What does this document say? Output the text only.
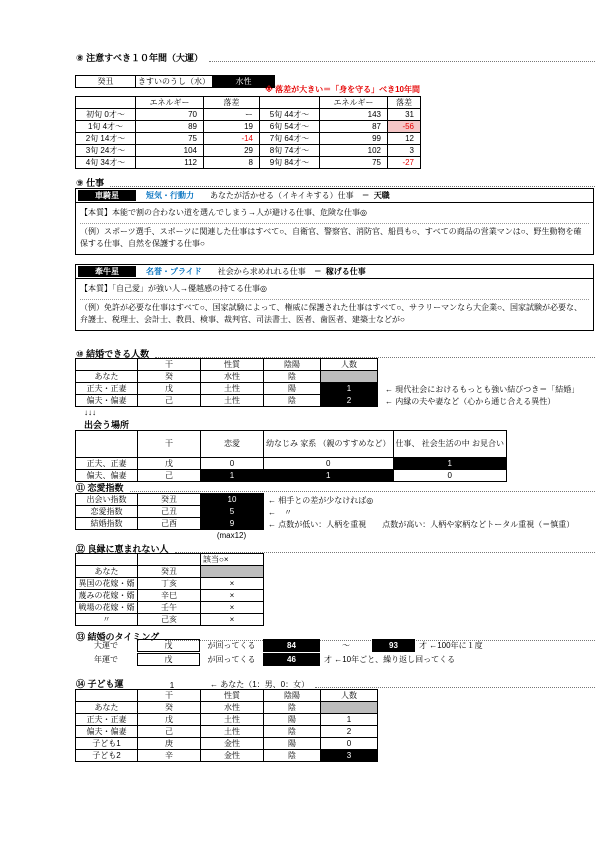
⑧ 注意すべき１０年間（大運）
癸丑	きすいのうし（水）	水性
※ 落差が大きい＝「身を守る」べき10年間
	エネルギー	落差		エネルギー	落差
初旬 0才～	70	ー	5旬 44才～	143	31
1旬 4才～	89	19	6旬 54才～	87	-56
2旬 14才～	75	-14	7旬 64才～	99	12
3旬 24才～	104	29	8旬 74才～	102	3
4旬 34才～	112	8	9旬 84才～	75	-27
⑨ 仕事
車騎星	短気・行動力 あなたが活かせる（イキイキする）仕事　＝ 天職
【本質】本能で割の合わない道を選んでしまう→人が避ける仕事、危険な仕事◎
（例）スポーツ選手、スポーツに関連した仕事はすべて○、自衛官、警察官、消防官、船員も○、すべての商品の営業マンは○、野生動物を確保する仕事、自然を保護する仕事○
牽牛星	名誉・プライド 社会から求めれれる仕事　＝ 稼げる仕事
【本質】「自己愛」が強い人→優越感の持てる仕事◎
（例）免許が必要な仕事はすべて○、国家試験によって、権威に保護された仕事はすべて○、サラリーマンなら大企業○、国家試験が必要な、弁護士、税理士、会計士、教員、検事、裁判官、司法書士、医者、歯医者、建築士などが○
⑩ 結婚できる人数
	干	性質	陰陽	人数
あなた	癸	水性	陰	
正夫・正妻	戊	土性	陽	1
偏夫・偏妻	己	土性	陰	2
← 現代社会におけるもっとも強い結びつき＝「結婚」
← 内縁の夫や妻など（心から通じ合える異性）
↓↓↓
出会う場所
	干	恋愛	幼なじみ 家系 （親のすすめなど）	仕事、 社会生活の中 お見合い
正夫、正妻	戊	0	0	1
偏夫、偏妻	己	1	1	0
⑪ 恋愛指数
出会い指数	癸丑	10
恋愛指数	己丑	5
結婚指数	己酉	9
← 相手との差が少なければ◎
←　〃
← 点数が低い：人柄を重視　　点数が高い：人柄や家柄などトータル重視（＝慎重）
(max12)
⑫ 良縁に恵まれない人
		該当○×
あなた	癸丑	
異国の花嫁・婿	丁亥	×
蔑みの花嫁・婿	辛巳	×
戦場の花嫁・婿	壬午	×
〃	己亥	×
⑬ 結婚のタイミング
大運で	戊	が回ってくる	84	～	93	才 ←100年に１度
年運で	戊	が回ってくる	46	才 ←10年ごと、繰り返し回ってくる
⑭ 子ども運	1	← あなた（1：男、0：女）
	干	性質	陰陽	人数
あなた	癸	水性	陰	
正夫・正妻	戊	土性	陽	1
偏夫・偏妻	己	土性	陰	2
子ども1	庚	金性	陽	0
子ども2	辛	金性	陰	3
